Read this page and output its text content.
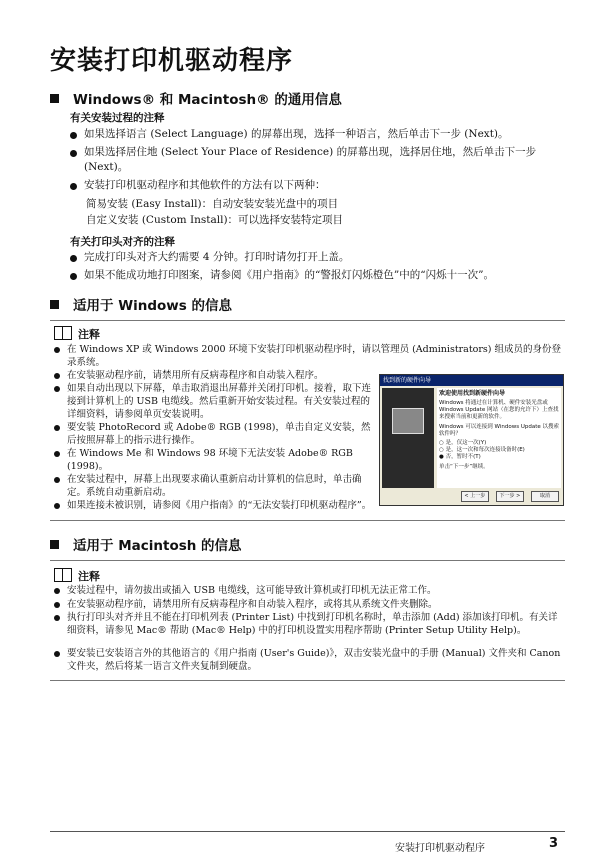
安装打印机驱动程序
Windows® 和 Macintosh® 的通用信息
有关安装过程的注释
如果选择语言 (Select Language) 的屏幕出现，选择一种语言，然后单击下一步 (Next)。
如果选择居住地 (Select Your Place of Residence) 的屏幕出现，选择居住地，然后单击下一步 (Next)。
安装打印机驱动程序和其他软件的方法有以下两种：
简易安装 (Easy Install)：自动安装安装光盘中的项目
自定义安装 (Custom Install)：可以选择安装特定项目
有关打印头对齐的注释
完成打印头对齐大约需要 4 分钟。打印时请勿打开上盖。
如果不能成功地打印图案，请参阅《用户指南》的“警报灯闪烁橙色”中的“闪烁十一次”。
适用于 Windows 的信息
注释
在 Windows XP 或 Windows 2000 环境下安装打印机驱动程序时，请以管理员 (Administrators) 组成员的身份登录系统。
在安装驱动程序前，请禁用所有反病毒程序和自动装入程序。
如果自动出现以下屏幕，单击取消退出屏幕并关闭打印机。接着，取下连接到计算机上的 USB 电缆线。然后重新开始安装过程。有关安装过程的详细资料，请参阅单页安装说明。
要安装 PhotoRecord 或 Adobe® RGB (1998)，单击自定义安装，然后按照屏幕上的指示进行操作。
在 Windows Me 和 Windows 98 环境下无法安装 Adobe® RGB (1998)。
在安装过程中，屏幕上出现要求确认重新启动计算机的信息时，单击确定。系统自动重新启动。
如果连接未被识别，请参阅《用户指南》的“无法安装打印机驱动程序”。
找到新的硬件向导
欢迎使用找到新硬件向导
Windows 将通过在计算机、硬件安装光盘或 Windows Update 网站（在您的允许下）上查找来搜索当前和更新的软件。
Windows 可以连接到 Windows Update 以搜索软件吗？
○ 是，仅这一次(Y)
○ 是，这一次和每次连接设备时(E)
● 否，暂时不(T)
单击“下一步”继续。
< 上一步	下一步 >	取消
适用于 Macintosh 的信息
注释
安装过程中，请勿拔出或插入 USB 电缆线，这可能导致计算机或打印机无法正常工作。
在安装驱动程序前，请禁用所有反病毒程序和自动装入程序，或将其从系统文件夹删除。
执行打印头对齐并且不能在打印机列表 (Printer List) 中找到打印机名称时，单击添加 (Add) 添加该打印机。有关详细资料，请参见 Mac® 帮助 (Mac® Help) 中的打印机设置实用程序帮助 (Printer Setup Utility Help)。
要安装已安装语言外的其他语言的《用户指南 (User's Guide)》，双击安装光盘中的手册 (Manual) 文件夹和 Canon 文件夹，然后将某一语言文件夹复制到硬盘。
安装打印机驱动程序	3
